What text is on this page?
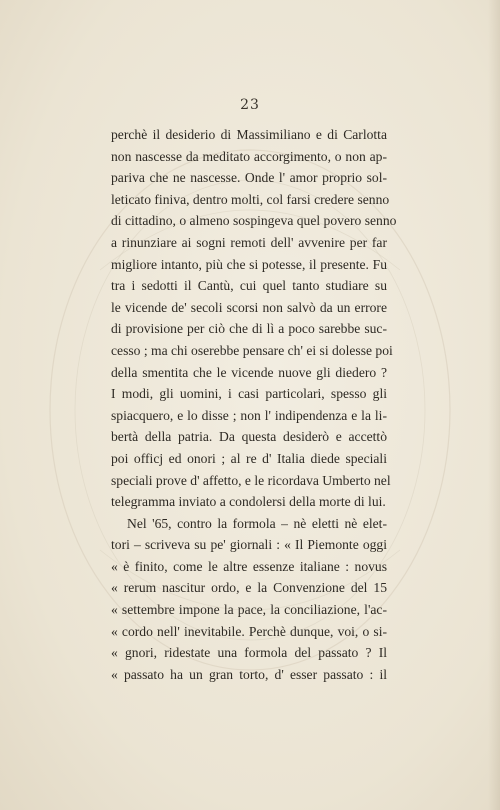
23
perchè il desiderio di Massimiliano e di Carlotta
non nascesse da meditato accorgimento, o non ap-
pariva che ne nascesse. Onde l' amor proprio sol-
leticato finiva, dentro molti, col farsi credere senno
di cittadino, o almeno sospingeva quel povero senno
a rinunziare ai sogni remoti dell' avvenire per far
migliore intanto, più che si potesse, il presente. Fu
tra i sedotti il Cantù, cui quel tanto studiare su
le vicende de' secoli scorsi non salvò da un errore
di provisione per ciò che di lì a poco sarebbe suc-
cesso ; ma chi oserebbe pensare ch' ei si dolesse poi
della smentita che le vicende nuove gli diedero ?
I modi, gli uomini, i casi particolari, spesso gli
spiacquero, e lo disse ; non l' indipendenza e la li-
bertà della patria. Da questa desiderò e accettò
poi officj ed onori ; al re d' Italia diede speciali
speciali prove d' affetto, e le ricordava Umberto nel
telegramma inviato a condolersi della morte di lui.
Nel '65, contro la formola – nè eletti nè elet-
tori – scriveva su pe' giornali : « Il Piemonte oggi
« è finito, come le altre essenze italiane : novus
« rerum nascitur ordo, e la Convenzione del 15
« settembre impone la pace, la conciliazione, l'ac-
« cordo nell' inevitabile. Perchè dunque, voi, o si-
« gnori, ridestate una formola del passato ? Il
« passato ha un gran torto, d' esser passato : il
